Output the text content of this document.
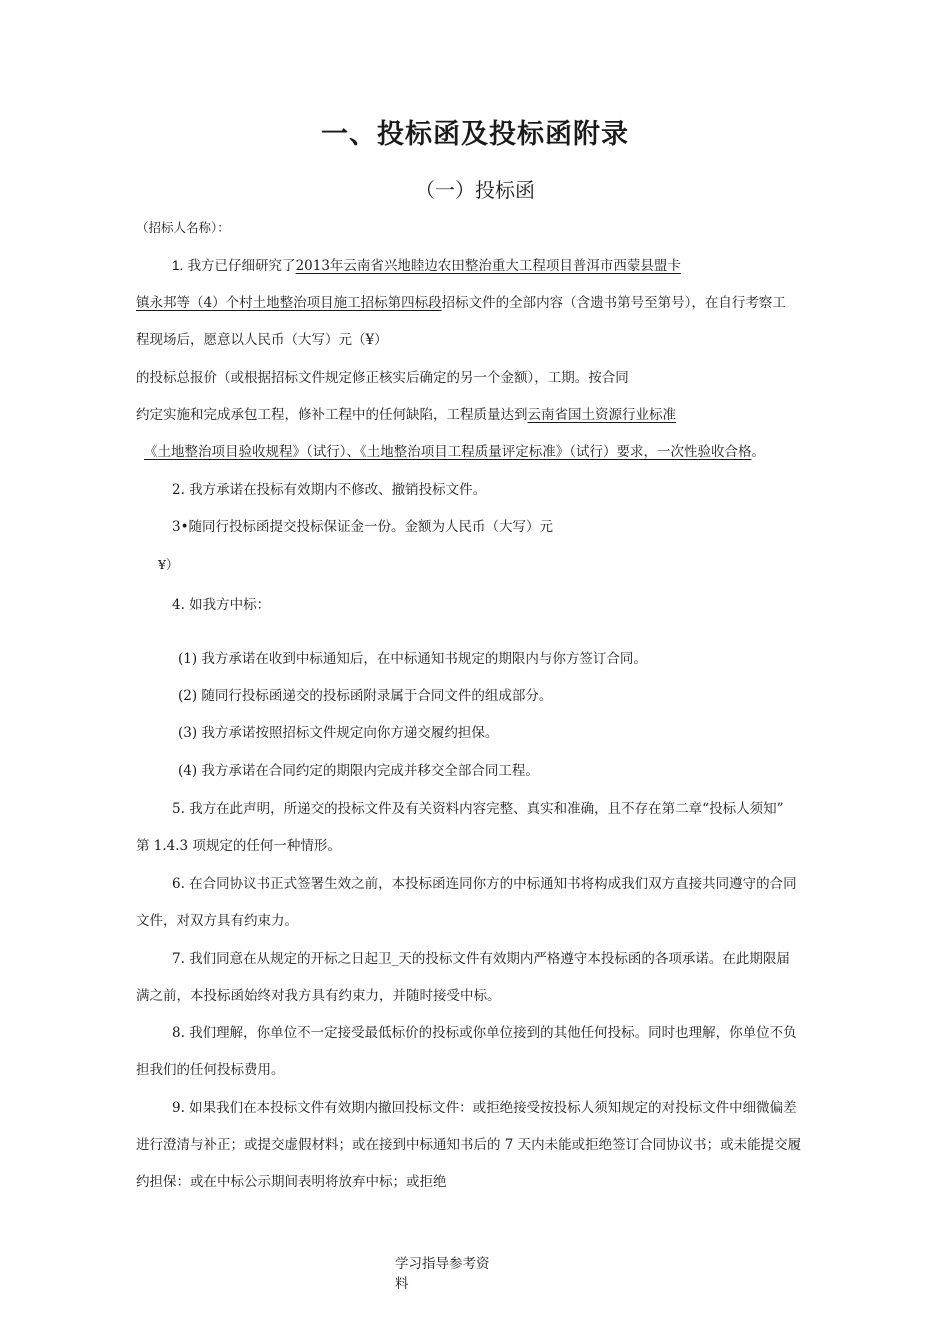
一、投标函及投标函附录
（一）投标函
（招标人名称）：
1. 我方已仔细研究了2013年云南省兴地睦边农田整治重大工程项目普洱市西蒙县盟卡
镇永邦等（4）个村土地整治项目施工招标第四标段招标文件的全部内容（含遗书第号至第号），在自行考察工
程现场后，愿意以人民币（大写）元（¥）
的投标总报价（或根据招标文件规定修正核实后确定的另一个金额），工期。按合同
约定实施和完成承包工程，修补工程中的任何缺陷，工程质量达到云南省国土资源行业标准
《土地整治项目验收规程》（试行）、《土地整治项目工程质量评定标准》（试行）要求，一次性验收合格。
2. 我方承诺在投标有效期内不修改、撤销投标文件。
3•随同行投标函提交投标保证金一份。金额为人民币（大写）元
¥）
4. 如我方中标：
(1) 我方承诺在收到中标通知后，在中标通知书规定的期限内与你方签订合同。
(2) 随同行投标函递交的投标函附录属于合同文件的组成部分。
(3) 我方承诺按照招标文件规定向你方递交履约担保。
(4) 我方承诺在合同约定的期限内完成并移交全部合同工程。
5. 我方在此声明，所递交的投标文件及有关资料内容完整、真实和准确，且不存在第二章“投标人须知”
第 1.4.3 项规定的任何一种情形。
6. 在合同协议书正式签署生效之前，本投标函连同你方的中标通知书将构成我们双方直接共同遵守的合同
文件，对双方具有约束力。
7. 我们同意在从规定的开标之日起卫_天的投标文件有效期内严格遵守本投标函的各项承诺。在此期限届
满之前，本投标函始终对我方具有约束力，并随时接受中标。
8. 我们理解，你单位不一定接受最低标价的投标或你单位接到的其他任何投标。同时也理解，你单位不负
担我们的任何投标费用。
9. 如果我们在本投标文件有效期内撤回投标文件：或拒绝接受按投标人须知规定的对投标文件中细微偏差
进行澄清与补正；或提交虚假材料；或在接到中标通知书后的 7 天内未能或拒绝签订合同协议书；或未能提交履
约担保：或在中标公示期间表明将放弃中标；或拒绝
学习指导参考资
料
